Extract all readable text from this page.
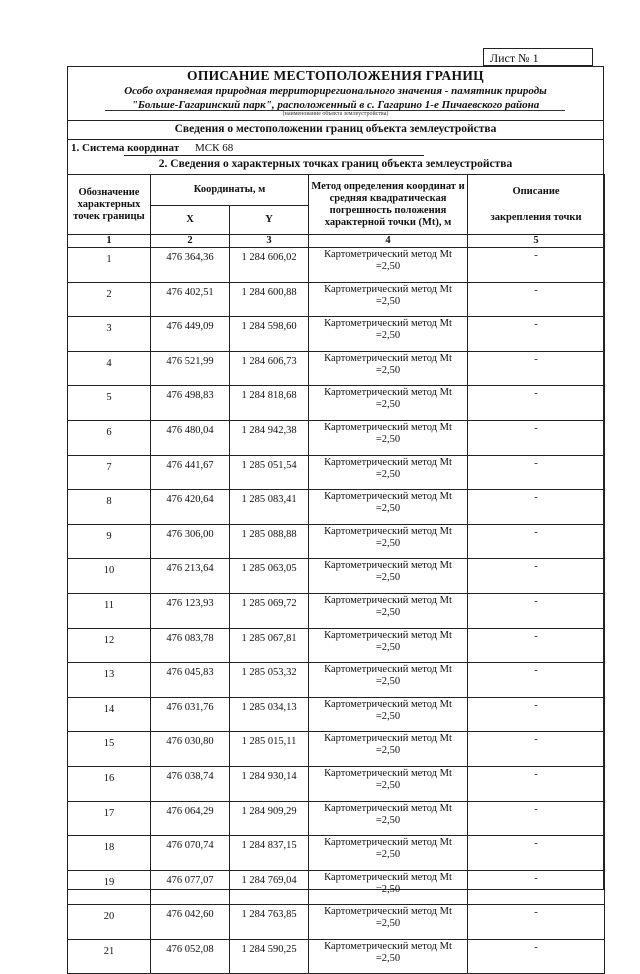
Лист № 1
ОПИСАНИЕ МЕСТОПОЛОЖЕНИЯ ГРАНИЦ
Особо охраняемая природная территорирегионального значения - памятник природы
"Больше-Гагаринский парк", расположенный в с. Гагарино 1-е Пичаевского района
(наименование объекта землеустройства)
Сведения о местоположении границ объекта землеустройства
1. Система координат МСК 68
2. Сведения о характерных точках границ объекта землеустройства
Обозначение характерных точек границы	Координаты, м		Метод определения координат и средняя квадратическая погрешность положения характерной точки (Mt), м	Описание
закрепления точки

	X	Y		
1	2	3	4	5
1	476 364,36	1 284 606,02	Картометрический метод Mt
=2,50	-
2	476 402,51	1 284 600,88	Картометрический метод Mt
=2,50	-
3	476 449,09	1 284 598,60	Картометрический метод Mt
=2,50	-
4	476 521,99	1 284 606,73	Картометрический метод Mt
=2,50	-
5	476 498,83	1 284 818,68	Картометрический метод Mt
=2,50	-
6	476 480,04	1 284 942,38	Картометрический метод Mt
=2,50	-
7	476 441,67	1 285 051,54	Картометрический метод Mt
=2,50	-
8	476 420,64	1 285 083,41	Картометрический метод Mt
=2,50	-
9	476 306,00	1 285 088,88	Картометрический метод Mt
=2,50	-
10	476 213,64	1 285 063,05	Картометрический метод Mt
=2,50	-
11	476 123,93	1 285 069,72	Картометрический метод Mt
=2,50	-
12	476 083,78	1 285 067,81	Картометрический метод Mt
=2,50	-
13	476 045,83	1 285 053,32	Картометрический метод Mt
=2,50	-
14	476 031,76	1 285 034,13	Картометрический метод Mt
=2,50	-
15	476 030,80	1 285 015,11	Картометрический метод Mt
=2,50	-
16	476 038,74	1 284 930,14	Картометрический метод Mt
=2,50	-
17	476 064,29	1 284 909,29	Картометрический метод Mt
=2,50	-
18	476 070,74	1 284 837,15	Картометрический метод Mt
=2,50	-
19	476 077,07	1 284 769,04	Картометрический метод Mt
=2,50	-
20	476 042,60	1 284 763,85	Картометрический метод Mt
=2,50	-
21	476 052,08	1 284 590,25	Картометрический метод Mt
=2,50	-
